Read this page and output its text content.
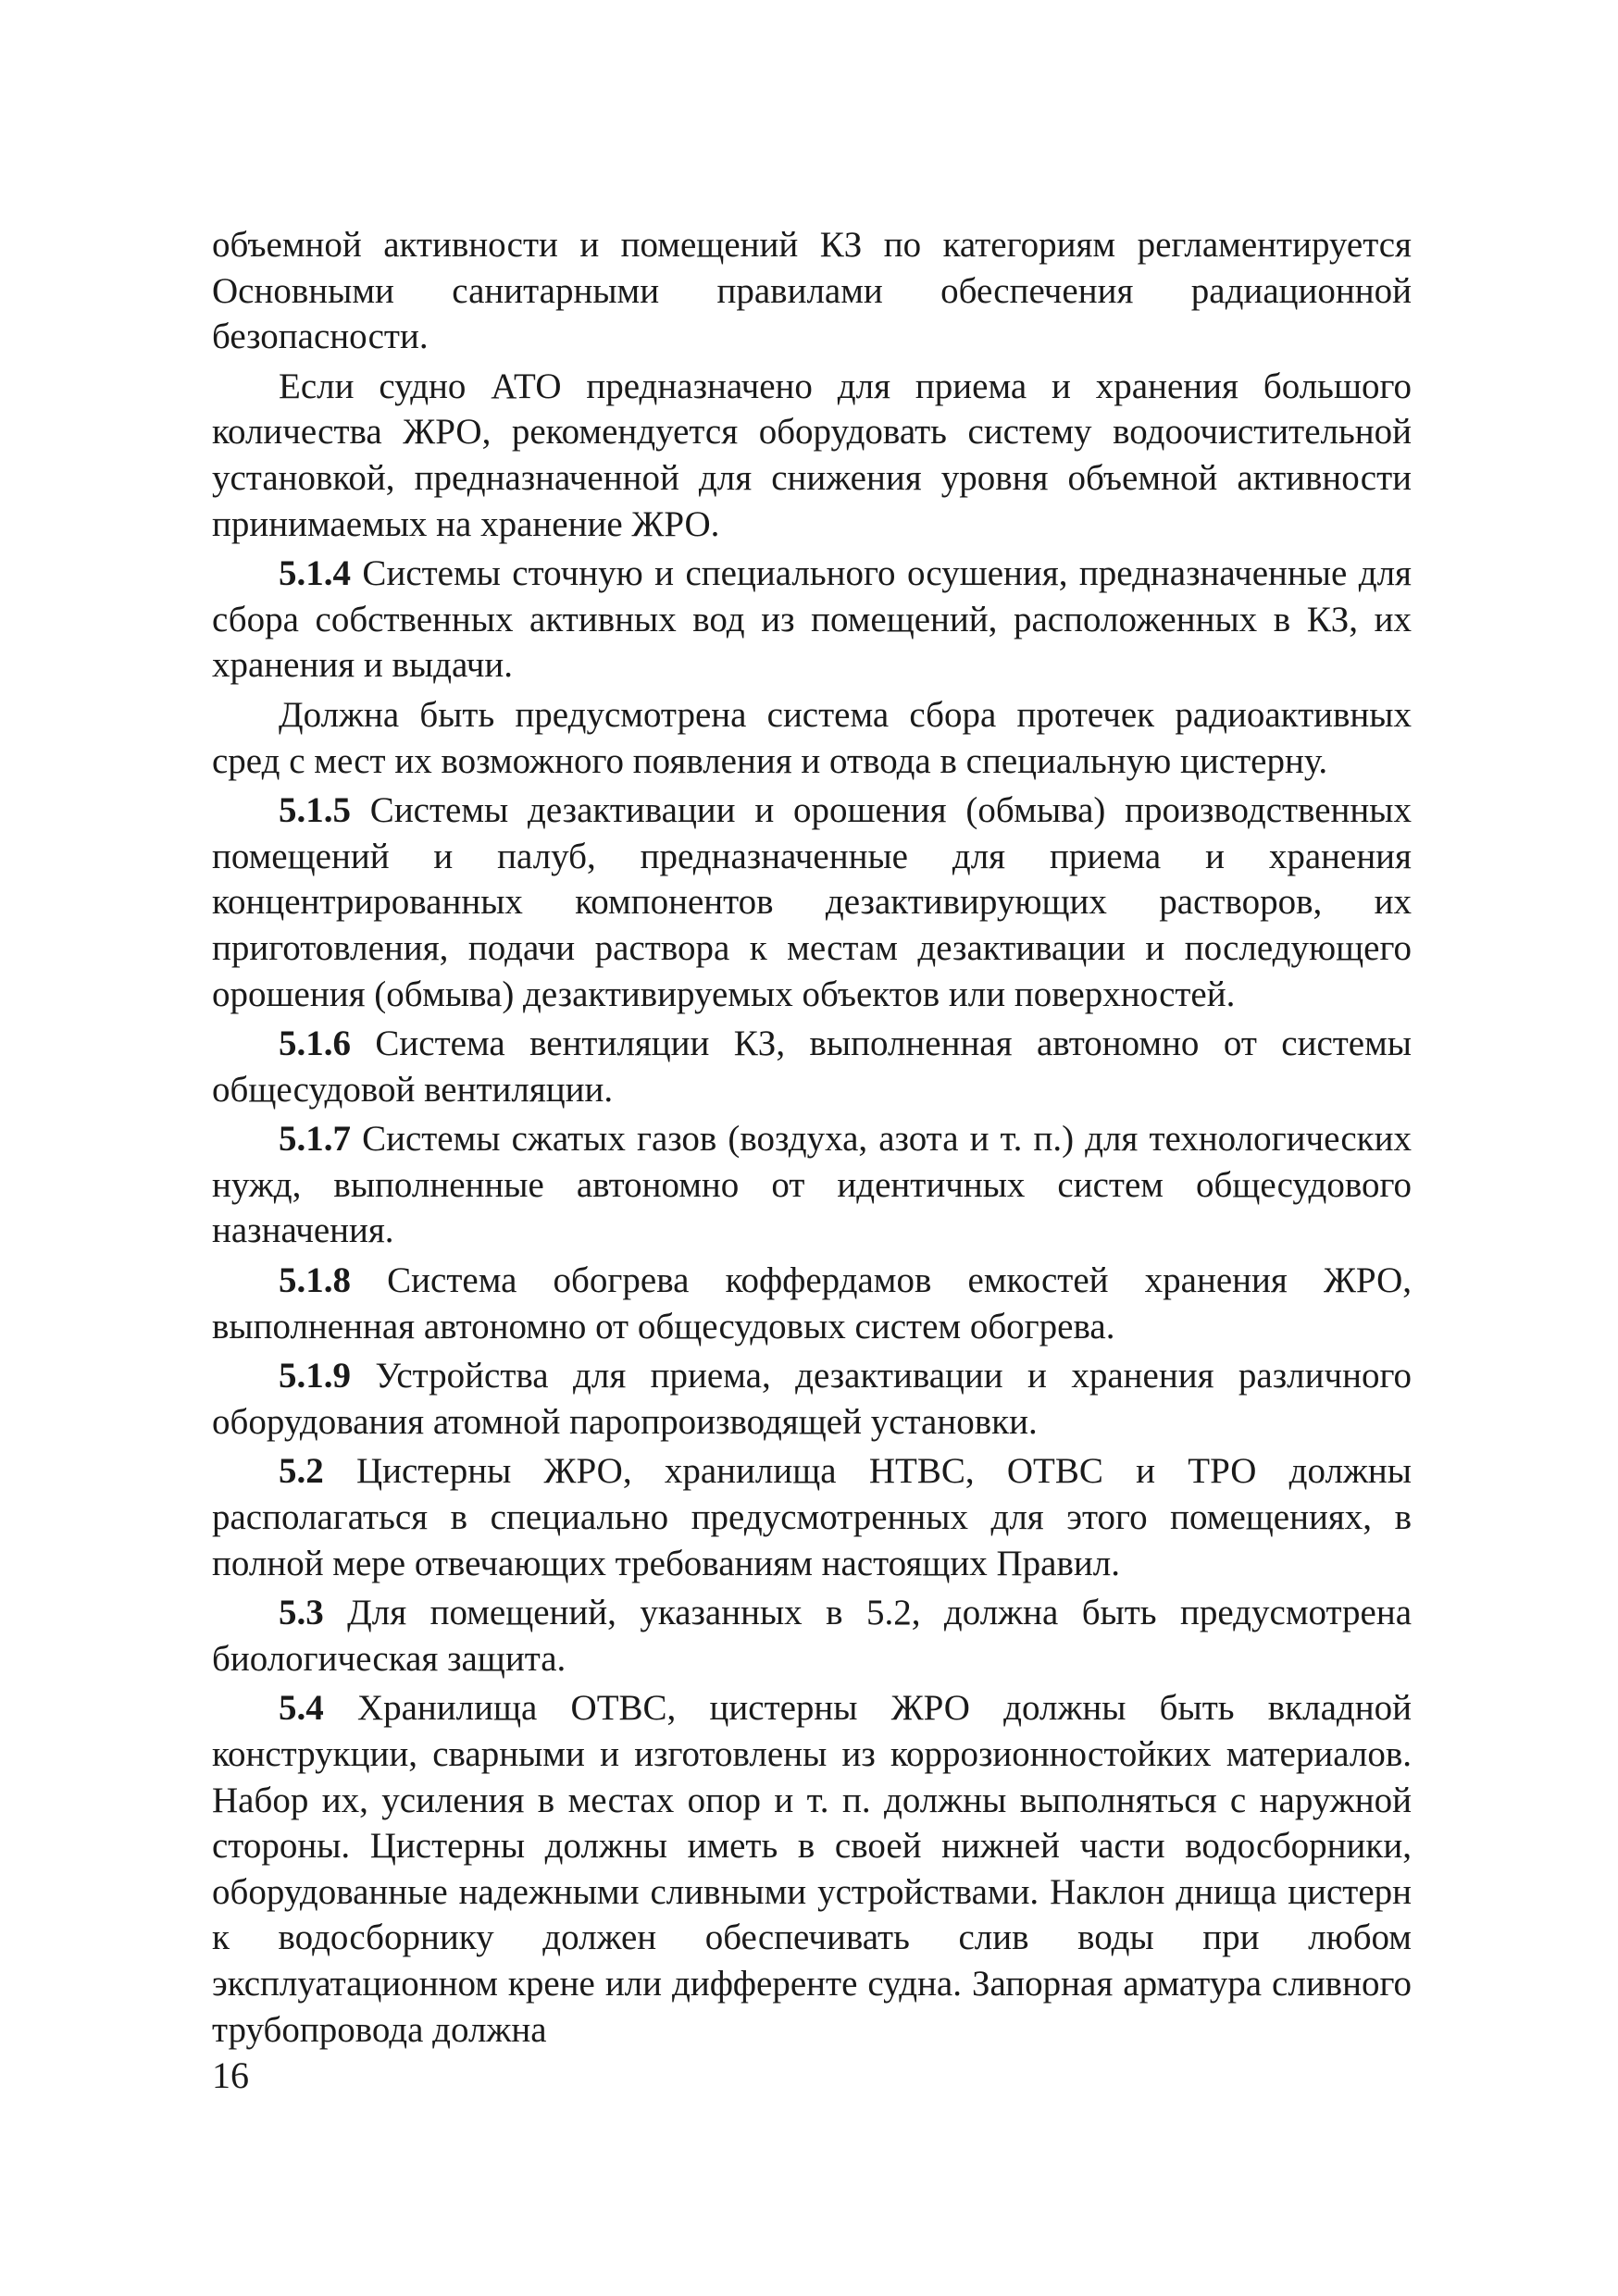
объемной активности и помещений КЗ по категориям регламентируется Основными санитарными правилами обеспечения радиационной безопасности.

Если судно АТО предназначено для приема и хранения большого количества ЖРО, рекомендуется оборудовать систему водоочистительной установкой, предназначенной для снижения уровня объемной активности принимаемых на хранение ЖРО.

5.1.4 Системы сточную и специального осушения, предназначенные для сбора собственных активных вод из помещений, расположенных в КЗ, их хранения и выдачи.

Должна быть предусмотрена система сбора протечек радиоактивных сред с мест их возможного появления и отвода в специальную цистерну.

5.1.5 Системы дезактивации и орошения (обмыва) производственных помещений и палуб, предназначенные для приема и хранения концентрированных компонентов дезактивирующих растворов, их приготовления, подачи раствора к местам дезактивации и последующего орошения (обмыва) дезактивируемых объектов или поверхностей.

5.1.6 Система вентиляции КЗ, выполненная автономно от системы общесудовой вентиляции.

5.1.7 Системы сжатых газов (воздуха, азота и т. п.) для технологических нужд, выполненные автономно от идентичных систем общесудового назначения.

5.1.8 Система обогрева коффердамов емкостей хранения ЖРО, выполненная автономно от общесудовых систем обогрева.

5.1.9 Устройства для приема, дезактивации и хранения различного оборудования атомной паропроизводящей установки.

5.2 Цистерны ЖРО, хранилища НТВС, ОТВС и ТРО должны располагаться в специально предусмотренных для этого помещениях, в полной мере отвечающих требованиям настоящих Правил.

5.3 Для помещений, указанных в 5.2, должна быть предусмотрена биологическая защита.

5.4 Хранилища ОТВС, цистерны ЖРО должны быть вкладной конструкции, сварными и изготовлены из коррозионностойких материалов. Набор их, усиления в местах опор и т. п. должны выполняться с наружной стороны. Цистерны должны иметь в своей нижней части водосборники, оборудованные надежными сливными устройствами. Наклон днища цистерн к водосборнику должен обеспечивать слив воды при любом эксплуатационном крене или дифференте судна. Запорная арматура сливного трубопровода должна

16
